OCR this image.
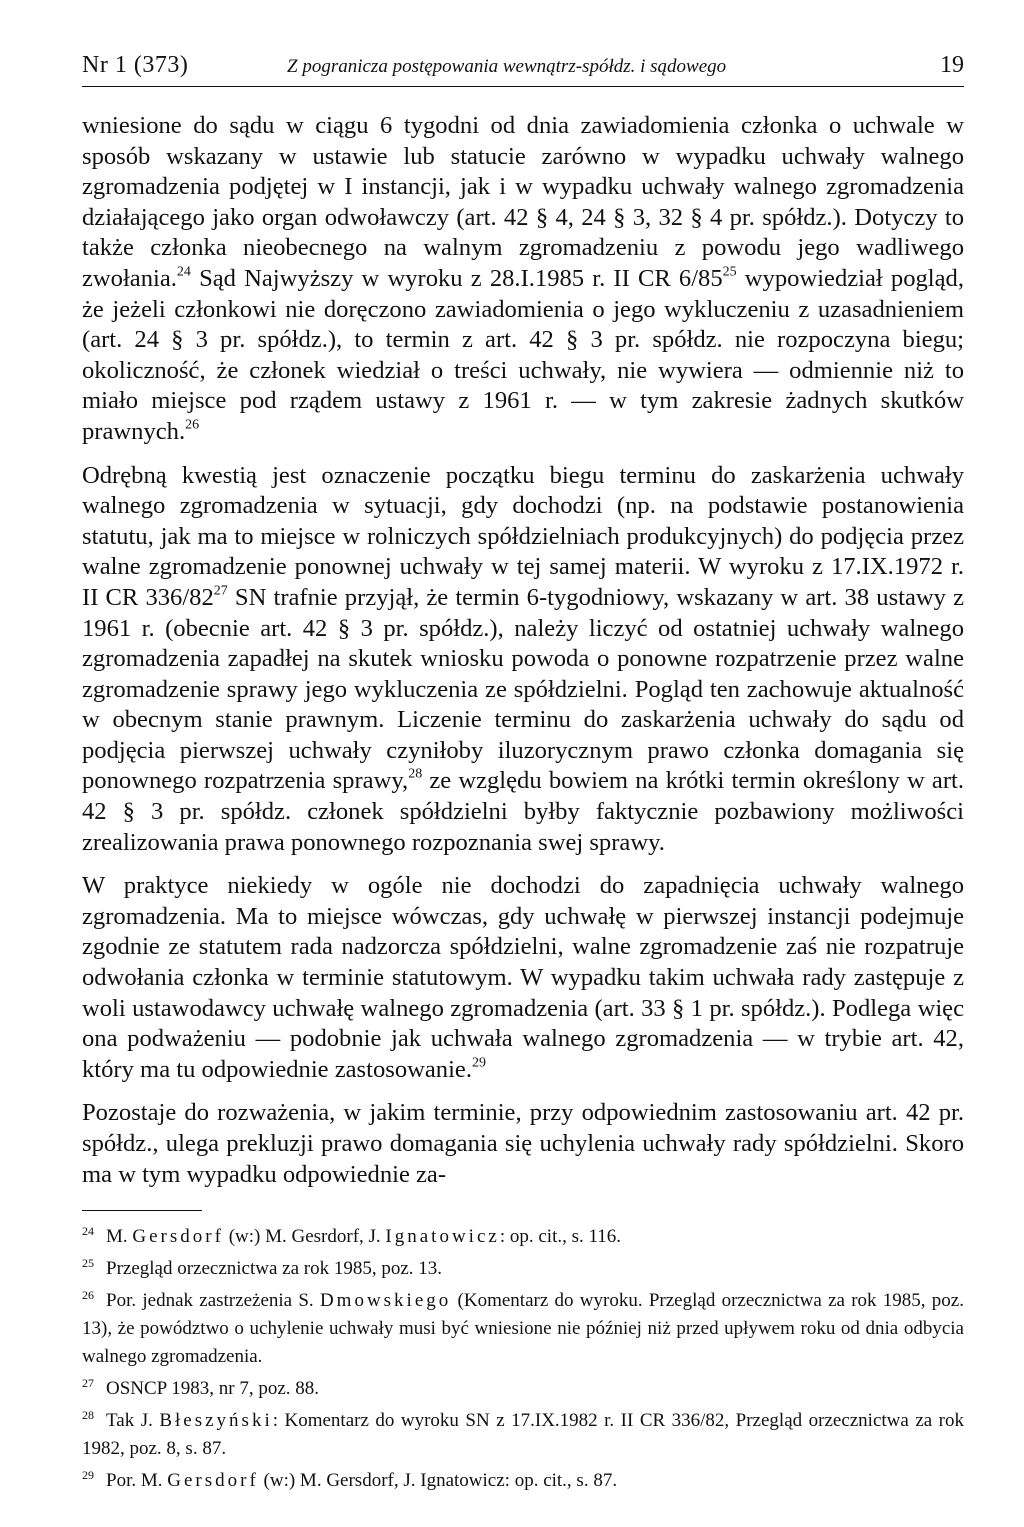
Nr 1 (373)	Z pogranicza postępowania wewnątrz-spółdz. i sądowego	19

wniesione do sądu w ciągu 6 tygodni od dnia zawiadomienia członka o uchwale w sposób wskazany w ustawie lub statucie zarówno w wypadku uchwały walnego zgromadzenia podjętej w I instancji, jak i w wypadku uchwały walnego zgromadzenia działającego jako organ odwoławczy (art. 42 § 4, 24 § 3, 32 § 4 pr. spółdz.). Dotyczy to także członka nieobecnego na walnym zgromadzeniu z powodu jego wadliwego zwołania.$^{24}$ Sąd Najwyższy w wyroku z 28.I.1985 r. II CR $6/85^{25}$ wypowiedział pogląd, że jeżeli członkowi nie doręczono zawiadomienia o jego wykluczeniu z uzasadnieniem (art. 24 § 3 pr. spółdz.), to termin z art. 42 § 3 pr. spółdz. nie rozpoczyna biegu; okoliczność, że członek wiedział o treści uchwały, nie wywiera — odmiennie niż to miało miejsce pod rządem ustawy z 1961 r. — w tym zakresie żadnych skutków prawnych.$^{26}$

Odrębną kwestią jest oznaczenie początku biegu terminu do zaskarżenia uchwały walnego zgromadzenia w sytuacji, gdy dochodzi (np. na podstawie postanowienia statutu, jak ma to miejsce w rolniczych spółdzielniach produkcyjnych) do podjęcia przez walne zgromadzenie ponownej uchwały w tej samej materii. W wyroku z 17.IX.1972 r. II CR $336/82^{27}$ SN trafnie przyjął, że termin 6-tygodniowy, wskazany w art. 38 ustawy z 1961 r. (obecnie art. 42 § 3 pr. spółdz.), należy liczyć od ostatniej uchwały walnego zgromadzenia zapadłej na skutek wniosku powoda o ponowne rozpatrzenie przez walne zgromadzenie sprawy jego wykluczenia ze spółdzielni. Pogląd ten zachowuje aktualność w obecnym stanie prawnym. Liczenie terminu do zaskarżenia uchwały do sądu od podjęcia pierwszej uchwały czyniłoby iluzorycznym prawo członka domagania się ponownego rozpatrzenia sprawy,$^{28}$ ze względu bowiem na krótki termin określony w art. 42 § 3 pr. spółdz. członek spółdzielni byłby faktycznie pozbawiony możliwości zrealizowania prawa ponownego rozpoznania swej sprawy.

W praktyce niekiedy w ogóle nie dochodzi do zapadnięcia uchwały walnego zgromadzenia. Ma to miejsce wówczas, gdy uchwałę w pierwszej instancji podejmuje zgodnie ze statutem rada nadzorcza spółdzielni, walne zgromadzenie zaś nie rozpatruje odwołania członka w terminie statutowym. W wypadku takim uchwała rady zastępuje z woli ustawodawcy uchwałę walnego zgromadzenia (art. 33 § 1 pr. spółdz.). Podlega więc ona podważeniu — podobnie jak uchwała walnego zgromadzenia — w trybie art. 42, który ma tu odpowiednie zastosowanie.$^{29}$

Pozostaje do rozważenia, w jakim terminie, przy odpowiednim zastosowaniu art. 42 pr. spółdz., ulega prekluzji prawo domagania się uchylenia uchwały rady spółdzielni. Skoro ma w tym wypadku odpowiednie za-

$^{24}$ M. Gersdorf (w:) M. Gesrdorf, J. Ignatowicz: op. cit., s. 116.

$^{25}$ Przegląd orzecznictwa za rok 1985, poz. 13.

$^{26}$ Por. jednak zastrzeżenia S. Dmowskiego (Komentarz do wyroku. Przegląd orzecznictwa za rok 1985, poz. 13), że powództwo o uchylenie uchwały musi być wniesione nie później niż przed upływem roku od dnia odbycia walnego zgromadzenia.

$^{27}$ OSNCP 1983, nr 7, poz. 88.

$^{28}$ Tak J. Błeszyński: Komentarz do wyroku SN z 17.IX.1982 r. II CR 336/82, Przegląd orzecznictwa za rok 1982, poz. 8, s. 87.

$^{29}$ Por. M. Gersdorf (w:) M. Gersdorf, J. Ignatowicz: op. cit., s. 87.
